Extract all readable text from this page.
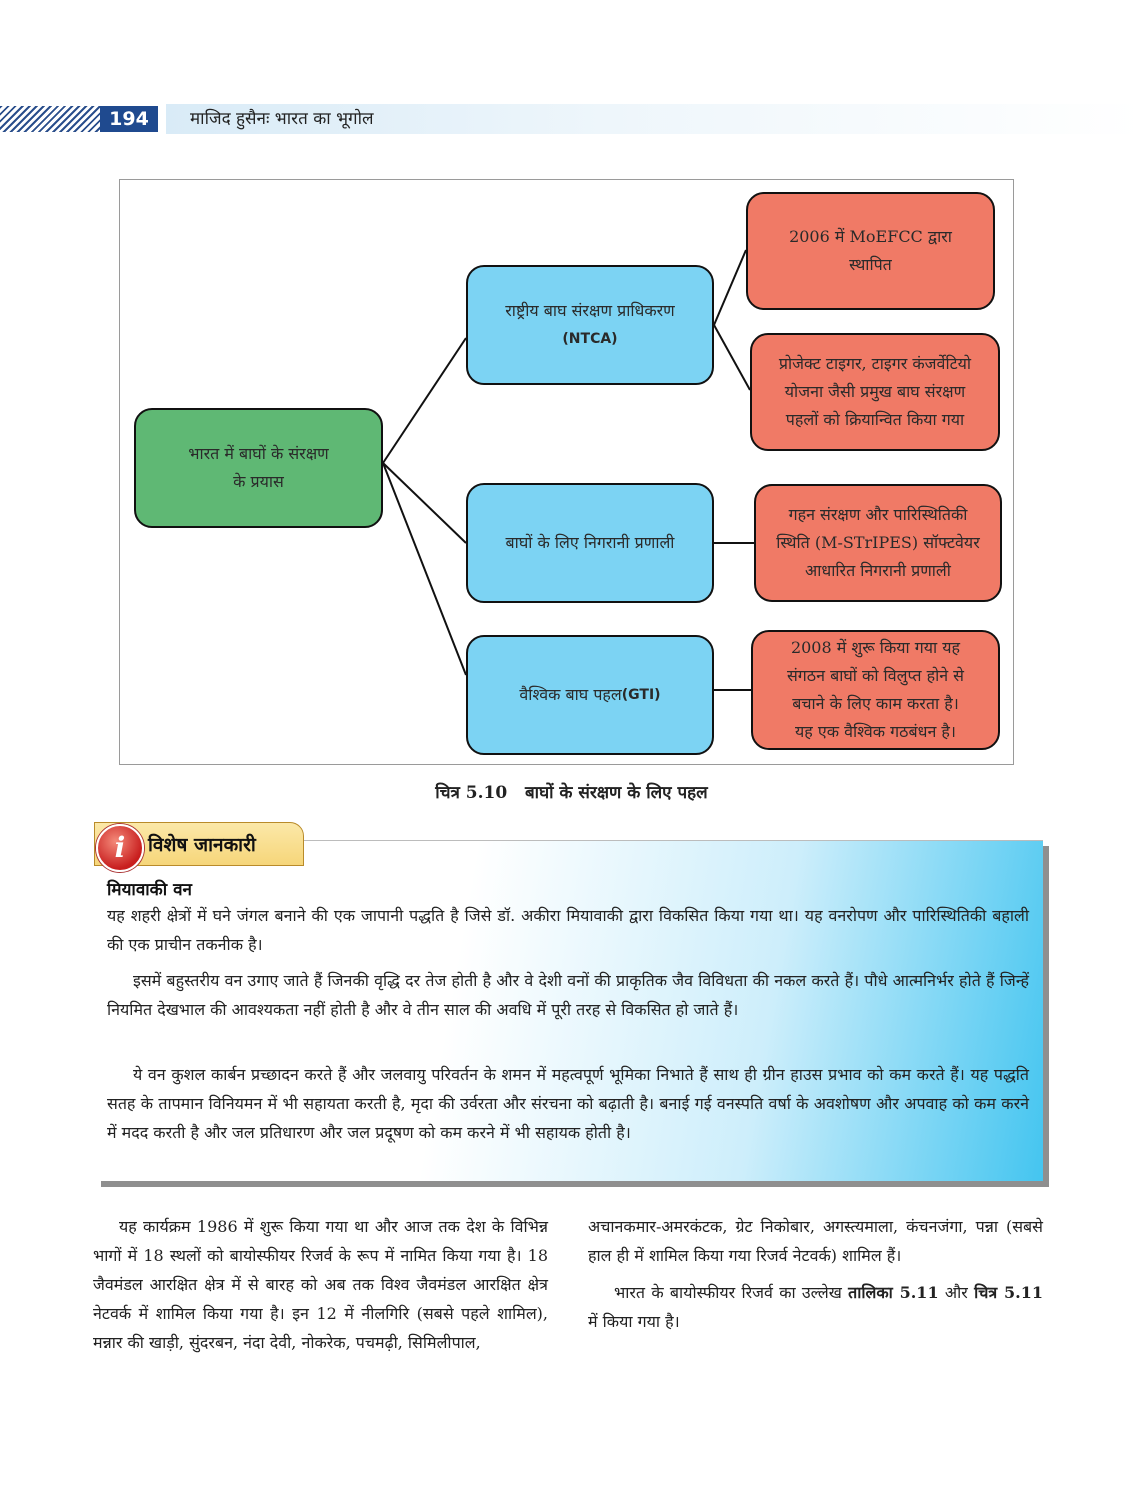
194	माजिद हुसैनः भारत का भूगोल
भारत में बाघों के संरक्षण
के प्रयास
राष्ट्रीय बाघ संरक्षण प्राधिकरण
(NTCA)
2006 में MoEFCC द्वारा
स्थापित
प्रोजेक्ट टाइगर, टाइगर कंजर्वेटियो
योजना जैसी प्रमुख बाघ संरक्षण
पहलों को क्रियान्वित किया गया
बाघों के लिए निगरानी प्रणाली
गहन संरक्षण और पारिस्थितिकी
स्थिति (M-STrIPES) सॉफ्टवेयर
आधारित निगरानी प्रणाली
वैश्विक बाघ पहल (GTI)
2008 में शुरू किया गया यह
संगठन बाघों को विलुप्त होने से
बचाने के लिए काम करता है।
यह एक वैश्विक गठबंधन है।
चित्र 5.10   बाघों के संरक्षण के लिए पहल
i	विशेष जानकारी
मियावाकी वन

यह शहरी क्षेत्रों में घने जंगल बनाने की एक जापानी पद्धति है जिसे डॉ. अकीरा मियावाकी द्वारा विकसित किया गया था। यह वनरोपण और पारिस्थितिकी बहाली की एक प्राचीन तकनीक है।

इसमें बहुस्तरीय वन उगाए जाते हैं जिनकी वृद्धि दर तेज होती है और वे देशी वनों की प्राकृतिक जैव विविधता की नकल करते हैं। पौधे आत्मनिर्भर होते हैं जिन्हें नियमित देखभाल की आवश्यकता नहीं होती है और वे तीन साल की अवधि में पूरी तरह से विकसित हो जाते हैं।

ये वन कुशल कार्बन प्रच्छादन करते हैं और जलवायु परिवर्तन के शमन में महत्वपूर्ण भूमिका निभाते हैं साथ ही ग्रीन हाउस प्रभाव को कम करते हैं। यह पद्धति सतह के तापमान विनियमन में भी सहायता करती है, मृदा की उर्वरता और संरचना को बढ़ाती है। बनाई गई वनस्पति वर्षा के अवशोषण और अपवाह को कम करने में मदद करती है और जल प्रतिधारण और जल प्रदूषण को कम करने में भी सहायक होती है।

यह कार्यक्रम 1986 में शुरू किया गया था और आज तक देश के विभिन्न भागों में 18 स्थलों को बायोस्फीयर रिजर्व के रूप में नामित किया गया है। 18 जैवमंडल आरक्षित क्षेत्र में से बारह को अब तक विश्व जैवमंडल आरक्षित क्षेत्र नेटवर्क में शामिल किया गया है। इन 12 में नीलगिरि (सबसे पहले शामिल), मन्नार की खाड़ी, सुंदरबन, नंदा देवी, नोकरेक, पचमढ़ी, सिमिलीपाल,

अचानकमार-अमरकंटक, ग्रेट निकोबार, अगस्त्यमाला, कंचनजंगा, पन्ना (सबसे हाल ही में शामिल किया गया रिजर्व नेटवर्क) शामिल हैं।

भारत के बायोस्फीयर रिजर्व का उल्लेख तालिका 5.11 और चित्र 5.11 में किया गया है।
